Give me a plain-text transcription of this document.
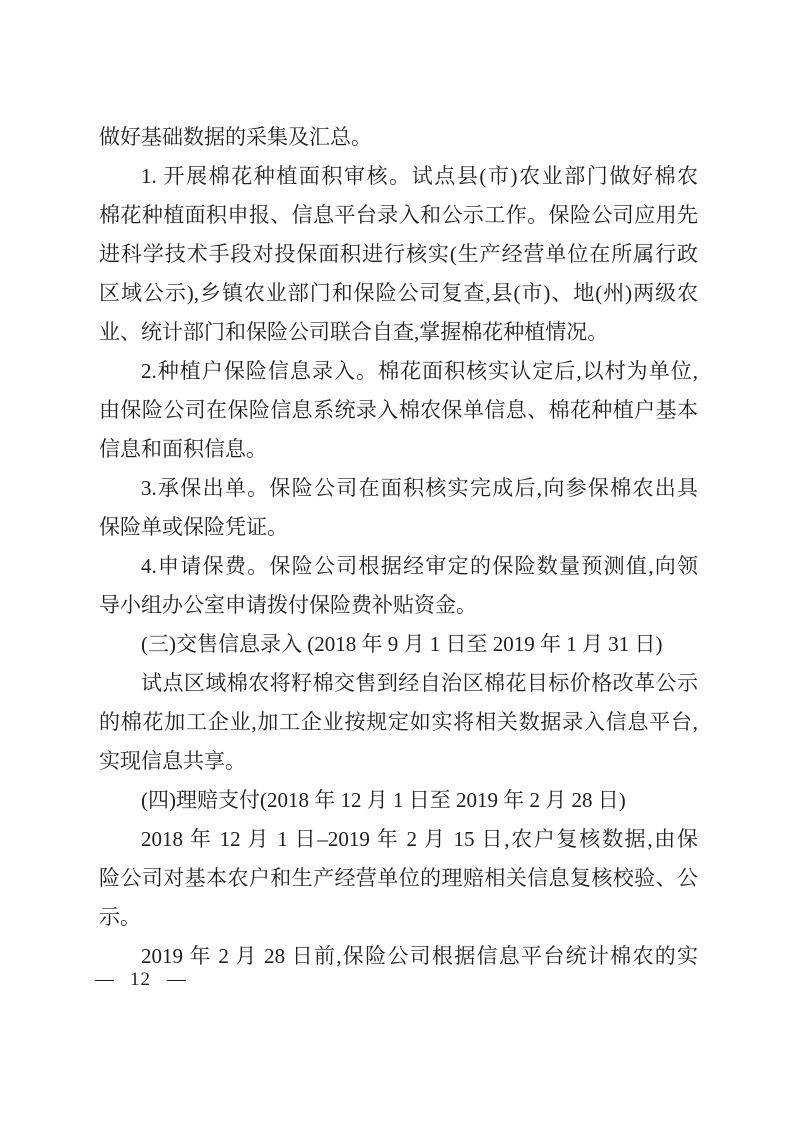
做好基础数据的采集及汇总。
1. 开展棉花种植面积审核。试点县(市)农业部门做好棉农
棉花种植面积申报、信息平台录入和公示工作。保险公司应用先
进科学技术手段对投保面积进行核实(生产经营单位在所属行政
区域公示),乡镇农业部门和保险公司复查,县(市)、地(州)两级农
业、统计部门和保险公司联合自查,掌握棉花种植情况。
2.种植户保险信息录入。棉花面积核实认定后,以村为单位,
由保险公司在保险信息系统录入棉农保单信息、棉花种植户基本
信息和面积信息。
3.承保出单。保险公司在面积核实完成后,向参保棉农出具
保险单或保险凭证。
4.申请保费。保险公司根据经审定的保险数量预测值,向领
导小组办公室申请拨付保险费补贴资金。
(三)交售信息录入 (2018 年 9 月 1 日至 2019 年 1 月 31 日)
试点区域棉农将籽棉交售到经自治区棉花目标价格改革公示
的棉花加工企业,加工企业按规定如实将相关数据录入信息平台,
实现信息共享。
(四)理赔支付(2018 年 12 月 1 日至 2019 年 2 月 28 日)
2018 年 12 月 1 日–2019 年 2 月 15 日,农户复核数据,由保
险公司对基本农户和生产经营单位的理赔相关信息复核校验、公
示。
2019 年 2 月 28 日前,保险公司根据信息平台统计棉农的实
— 12 —
